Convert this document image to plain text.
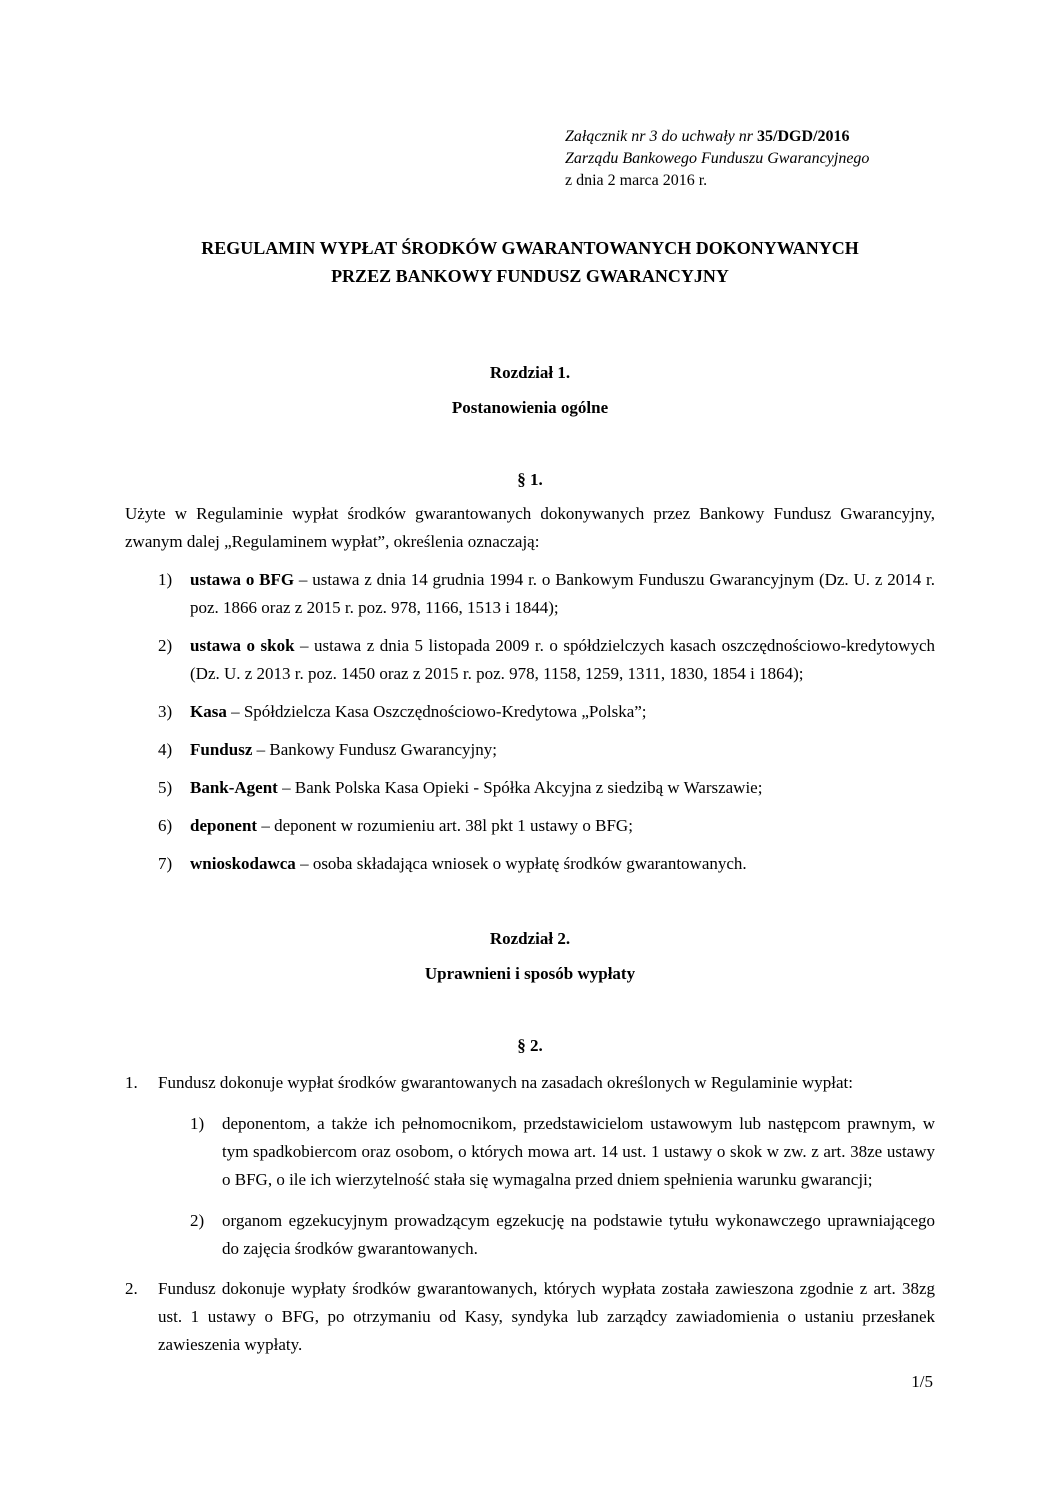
Załącznik nr 3 do uchwały nr 35/DGD/2016
Zarządu Bankowego Funduszu Gwarancyjnego
z dnia 2 marca 2016 r.
REGULAMIN WYPŁAT ŚRODKÓW GWARANTOWANYCH DOKONYWANYCH
PRZEZ BANKOWY FUNDUSZ GWARANCYJNY
Rozdział 1.
Postanowienia ogólne
§ 1.
Użyte w Regulaminie wypłat środków gwarantowanych dokonywanych przez Bankowy Fundusz Gwarancyjny, zwanym dalej „Regulaminem wypłat”, określenia oznaczają:
1) ustawa o BFG – ustawa z dnia 14 grudnia 1994 r. o Bankowym Funduszu Gwarancyjnym (Dz. U. z 2014 r. poz. 1866 oraz z 2015 r. poz. 978, 1166, 1513 i 1844);
2) ustawa o skok – ustawa z dnia 5 listopada 2009 r. o spółdzielczych kasach oszczędnościowo-kredytowych (Dz. U. z 2013 r. poz. 1450 oraz z 2015 r. poz. 978, 1158, 1259, 1311, 1830, 1854 i 1864);
3) Kasa – Spółdzielcza Kasa Oszczędnościowo-Kredytowa „Polska”;
4) Fundusz – Bankowy Fundusz Gwarancyjny;
5) Bank-Agent – Bank Polska Kasa Opieki - Spółka Akcyjna z siedzibą w Warszawie;
6) deponent – deponent w rozumieniu art. 38l pkt 1 ustawy o BFG;
7) wnioskodawca – osoba składająca wniosek o wypłatę środków gwarantowanych.
Rozdział 2.
Uprawnieni i sposób wypłaty
§ 2.
1. Fundusz dokonuje wypłat środków gwarantowanych na zasadach określonych w Regulaminie wypłat:
1) deponentom, a także ich pełnomocnikom, przedstawicielom ustawowym lub następcom prawnym, w tym spadkobiercom oraz osobom, o których mowa art. 14 ust. 1 ustawy o skok w zw. z art. 38ze ustawy o BFG, o ile ich wierzytelność stała się wymagalna przed dniem spełnienia warunku gwarancji;
2) organom egzekucyjnym prowadzącym egzekucję na podstawie tytułu wykonawczego uprawniającego do zajęcia środków gwarantowanych.
2. Fundusz dokonuje wypłaty środków gwarantowanych, których wypłata została zawieszona zgodnie z art. 38zg ust. 1 ustawy o BFG, po otrzymaniu od Kasy, syndyka lub zarządcy zawiadomienia o ustaniu przesłanek zawieszenia wypłaty.
1/5
